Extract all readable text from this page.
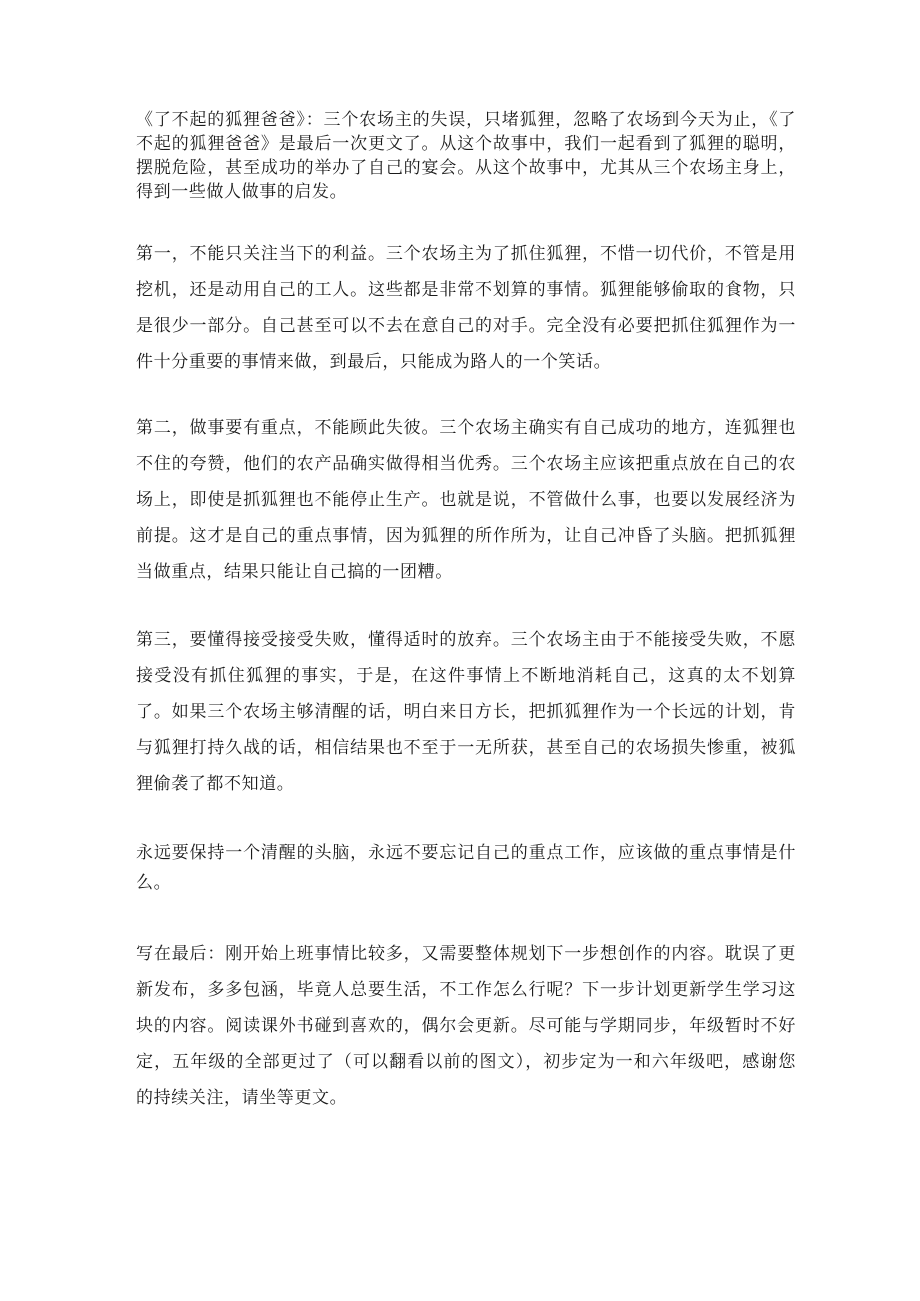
《了不起的狐狸爸爸》：三个农场主的失误，只堵狐狸，忽略了农场到今天为止，《了不起的狐狸爸爸》是最后一次更文了。从这个故事中，我们一起看到了狐狸的聪明，摆脱危险，甚至成功的举办了自己的宴会。从这个故事中，尤其从三个农场主身上，得到一些做人做事的启发。

第一，不能只关注当下的利益。三个农场主为了抓住狐狸，不惜一切代价，不管是用挖机，还是动用自己的工人。这些都是非常不划算的事情。狐狸能够偷取的食物，只是很少一部分。自己甚至可以不去在意自己的对手。完全没有必要把抓住狐狸作为一件十分重要的事情来做，到最后，只能成为路人的一个笑话。

第二，做事要有重点，不能顾此失彼。三个农场主确实有自己成功的地方，连狐狸也不住的夸赞，他们的农产品确实做得相当优秀。三个农场主应该把重点放在自己的农场上，即使是抓狐狸也不能停止生产。也就是说，不管做什么事，也要以发展经济为前提。这才是自己的重点事情，因为狐狸的所作所为，让自己冲昏了头脑。把抓狐狸当做重点，结果只能让自己搞的一团糟。

第三，要懂得接受接受失败，懂得适时的放弃。三个农场主由于不能接受失败，不愿接受没有抓住狐狸的事实，于是，在这件事情上不断地消耗自己，这真的太不划算了。如果三个农场主够清醒的话，明白来日方长，把抓狐狸作为一个长远的计划，肯与狐狸打持久战的话，相信结果也不至于一无所获，甚至自己的农场损失惨重，被狐狸偷袭了都不知道。

永远要保持一个清醒的头脑，永远不要忘记自己的重点工作，应该做的重点事情是什么。

写在最后：刚开始上班事情比较多，又需要整体规划下一步想创作的内容。耽误了更新发布，多多包涵，毕竟人总要生活，不工作怎么行呢？下一步计划更新学生学习这块的内容。阅读课外书碰到喜欢的，偶尔会更新。尽可能与学期同步，年级暂时不好定，五年级的全部更过了（可以翻看以前的图文），初步定为一和六年级吧，感谢您的持续关注，请坐等更文。
